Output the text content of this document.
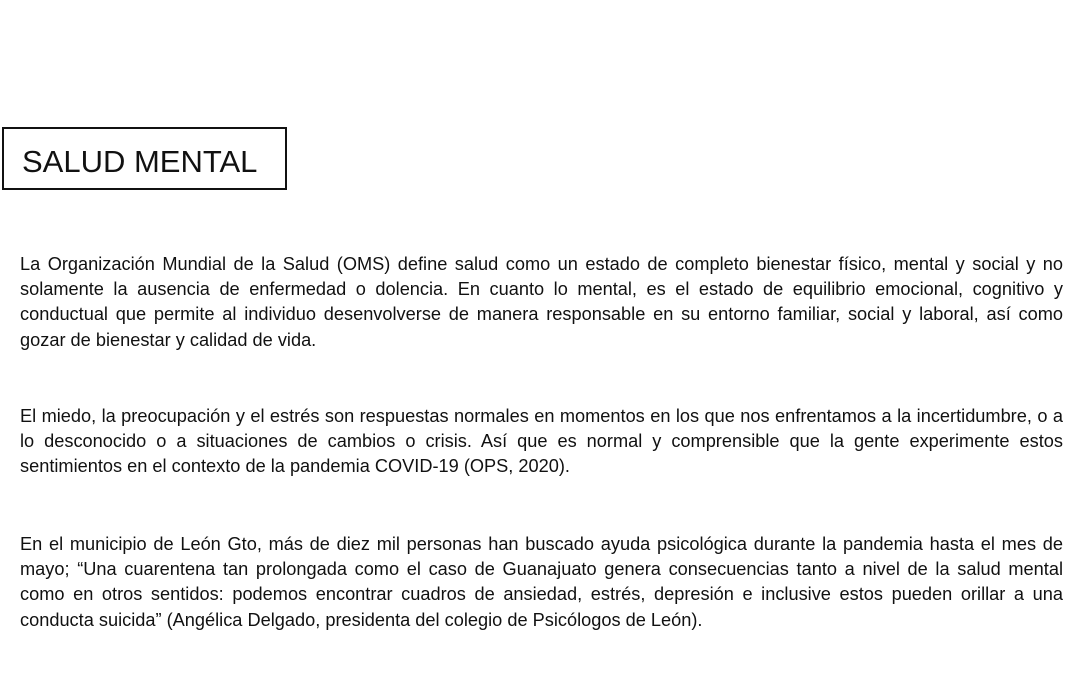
SALUD MENTAL

La Organización Mundial de la Salud (OMS) define salud como un estado de completo bienestar físico, mental y social y no solamente la ausencia de enfermedad o dolencia. En cuanto lo mental, es el estado de equilibrio emocional, cognitivo y conductual que permite al individuo desenvolverse de manera responsable en su entorno familiar, social y laboral, así como gozar de bienestar y calidad de vida.

El miedo, la preocupación y el estrés son respuestas normales en momentos en los que nos enfrentamos a la incertidumbre, o a lo desconocido o a situaciones de cambios o crisis. Así que es normal y comprensible que la gente experimente estos sentimientos en el contexto de la pandemia COVID-19 (OPS, 2020).

En el municipio de León Gto, más de diez mil personas han buscado ayuda psicológica durante la pandemia hasta el mes de mayo; “Una cuarentena tan prolongada como el caso de Guanajuato genera consecuencias tanto a nivel de la salud mental como en otros sentidos: podemos encontrar cuadros de ansiedad, estrés, depresión e inclusive estos pueden orillar a una conducta suicida” (Angélica Delgado, presidenta del colegio de Psicólogos de León).
